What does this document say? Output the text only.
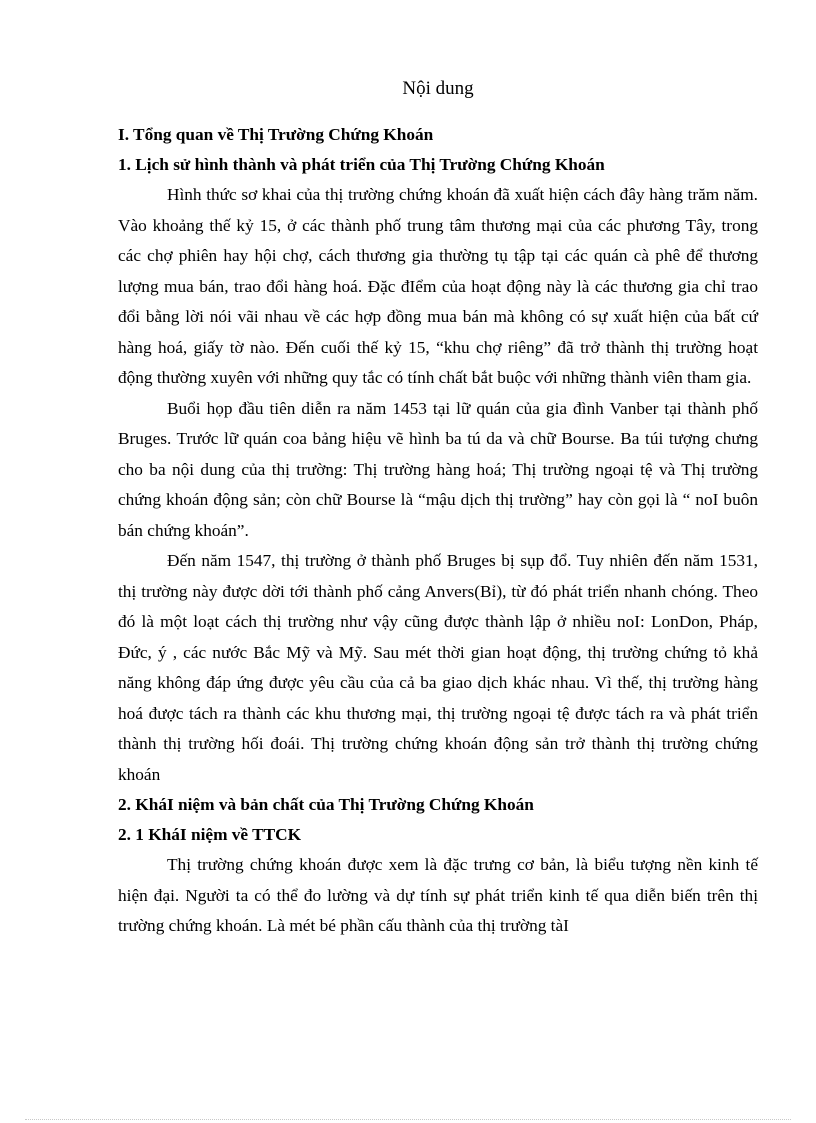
Nội dung
I. Tổng quan về Thị Trường Chứng Khoán
1. Lịch sử hình thành và phát triển của Thị Trường Chứng Khoán
Hình thức sơ khai của thị trường chứng khoán đã xuất hiện cách đây hàng trăm năm. Vào khoảng thế kỷ 15, ở các thành phố trung tâm thương mại của các phương Tây, trong các chợ phiên hay hội chợ, cách thương gia thường tụ tập tại các quán cà phê để thương lượng mua bán, trao đổi hàng hoá. Đặc đIểm của hoạt động này là các thương gia chỉ trao đổi bằng lời nói vãi nhau về các hợp đồng mua bán mà không có sự xuất hiện của bất cứ hàng hoá, giấy tờ nào. Đến cuối thế kỷ 15, “khu chợ riêng” đã trở thành thị trường hoạt động thường xuyên với những quy tắc có tính chất bắt buộc với những thành viên tham gia.
Buổi họp đầu tiên diễn ra năm 1453 tại lữ quán của gia đình Vanber tại thành phố Bruges. Trước lữ quán coa bảng hiệu vẽ hình ba tú da và chữ Bourse. Ba túi tượng chưng cho ba nội dung của thị trường: Thị trường hàng hoá; Thị trường ngoại tệ và Thị trường chứng khoán động sản; còn chữ Bourse là “mậu dịch thị trường” hay còn gọi là “ noI buôn bán chứng khoán”.
Đến năm 1547, thị trường ở thành phố Bruges bị sụp đổ. Tuy nhiên đến năm 1531, thị trường này được dời tới thành phố cảng Anvers(Bỉ), từ đó phát triển nhanh chóng. Theo đó là một loạt cách thị trường như vậy cũng được thành lập ở nhiều noI: LonDon, Pháp, Đức, ý , các nước Bắc Mỹ và Mỹ. Sau mét thời gian hoạt động, thị trường chứng tỏ khả năng không đáp ứng được yêu cầu của cả ba giao dịch khác nhau. Vì thế, thị trường hàng hoá được tách ra thành các khu thương mại, thị trường ngoại tệ được tách ra và phát triển thành thị trường hối đoái. Thị trường chứng khoán động sản trở thành thị trường chứng khoán
2. KháI niệm và bản chất của Thị Trường Chứng Khoán
2. 1 KháI niệm về TTCK
Thị trường chứng khoán được xem là đặc trưng cơ bản, là biểu tượng nền kinh tế hiện đại. Người ta có thể đo lường và dự tính sự phát triển kinh tế qua diễn biến trên thị trường chứng khoán. Là mét bé phần cấu thành của thị trường tàI
